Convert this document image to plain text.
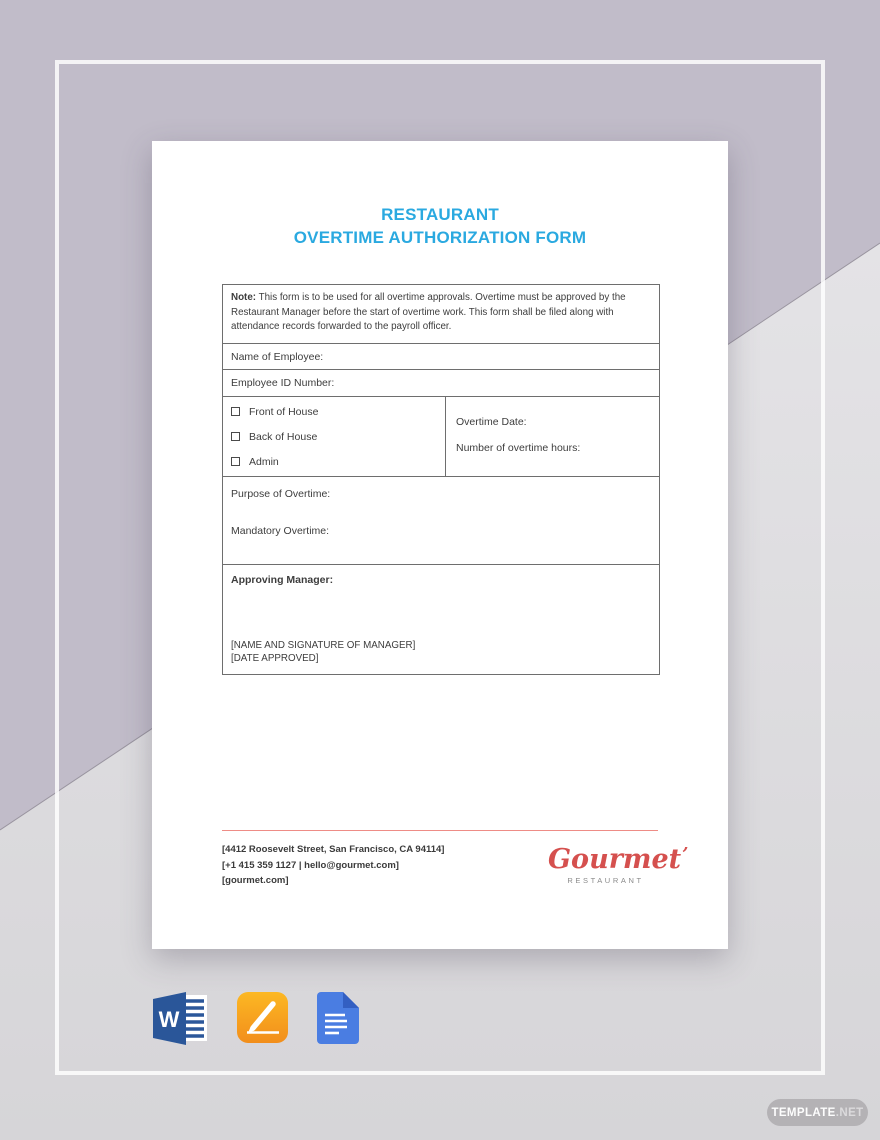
RESTAURANT
OVERTIME AUTHORIZATION FORM
Note: This form is to be used for all overtime approvals. Overtime must be approved by the Restaurant Manager before the start of overtime work. This form shall be filed along with attendance records forwarded to the payroll officer.
Name of Employee:
Employee ID Number:
Front of House
Back of House
Admin
Overtime Date:
Number of overtime hours:
Purpose of Overtime:
Mandatory Overtime:
Approving Manager:
[NAME AND SIGNATURE OF MANAGER]
[DATE APPROVED]
[4412 Roosevelt Street, San Francisco, CA 94114]
[+1 415 359 1127 | hello@gourmet.com]
[gourmet.com]
Gourmet’
RESTAURANT
W
TEMPLATE .NET
